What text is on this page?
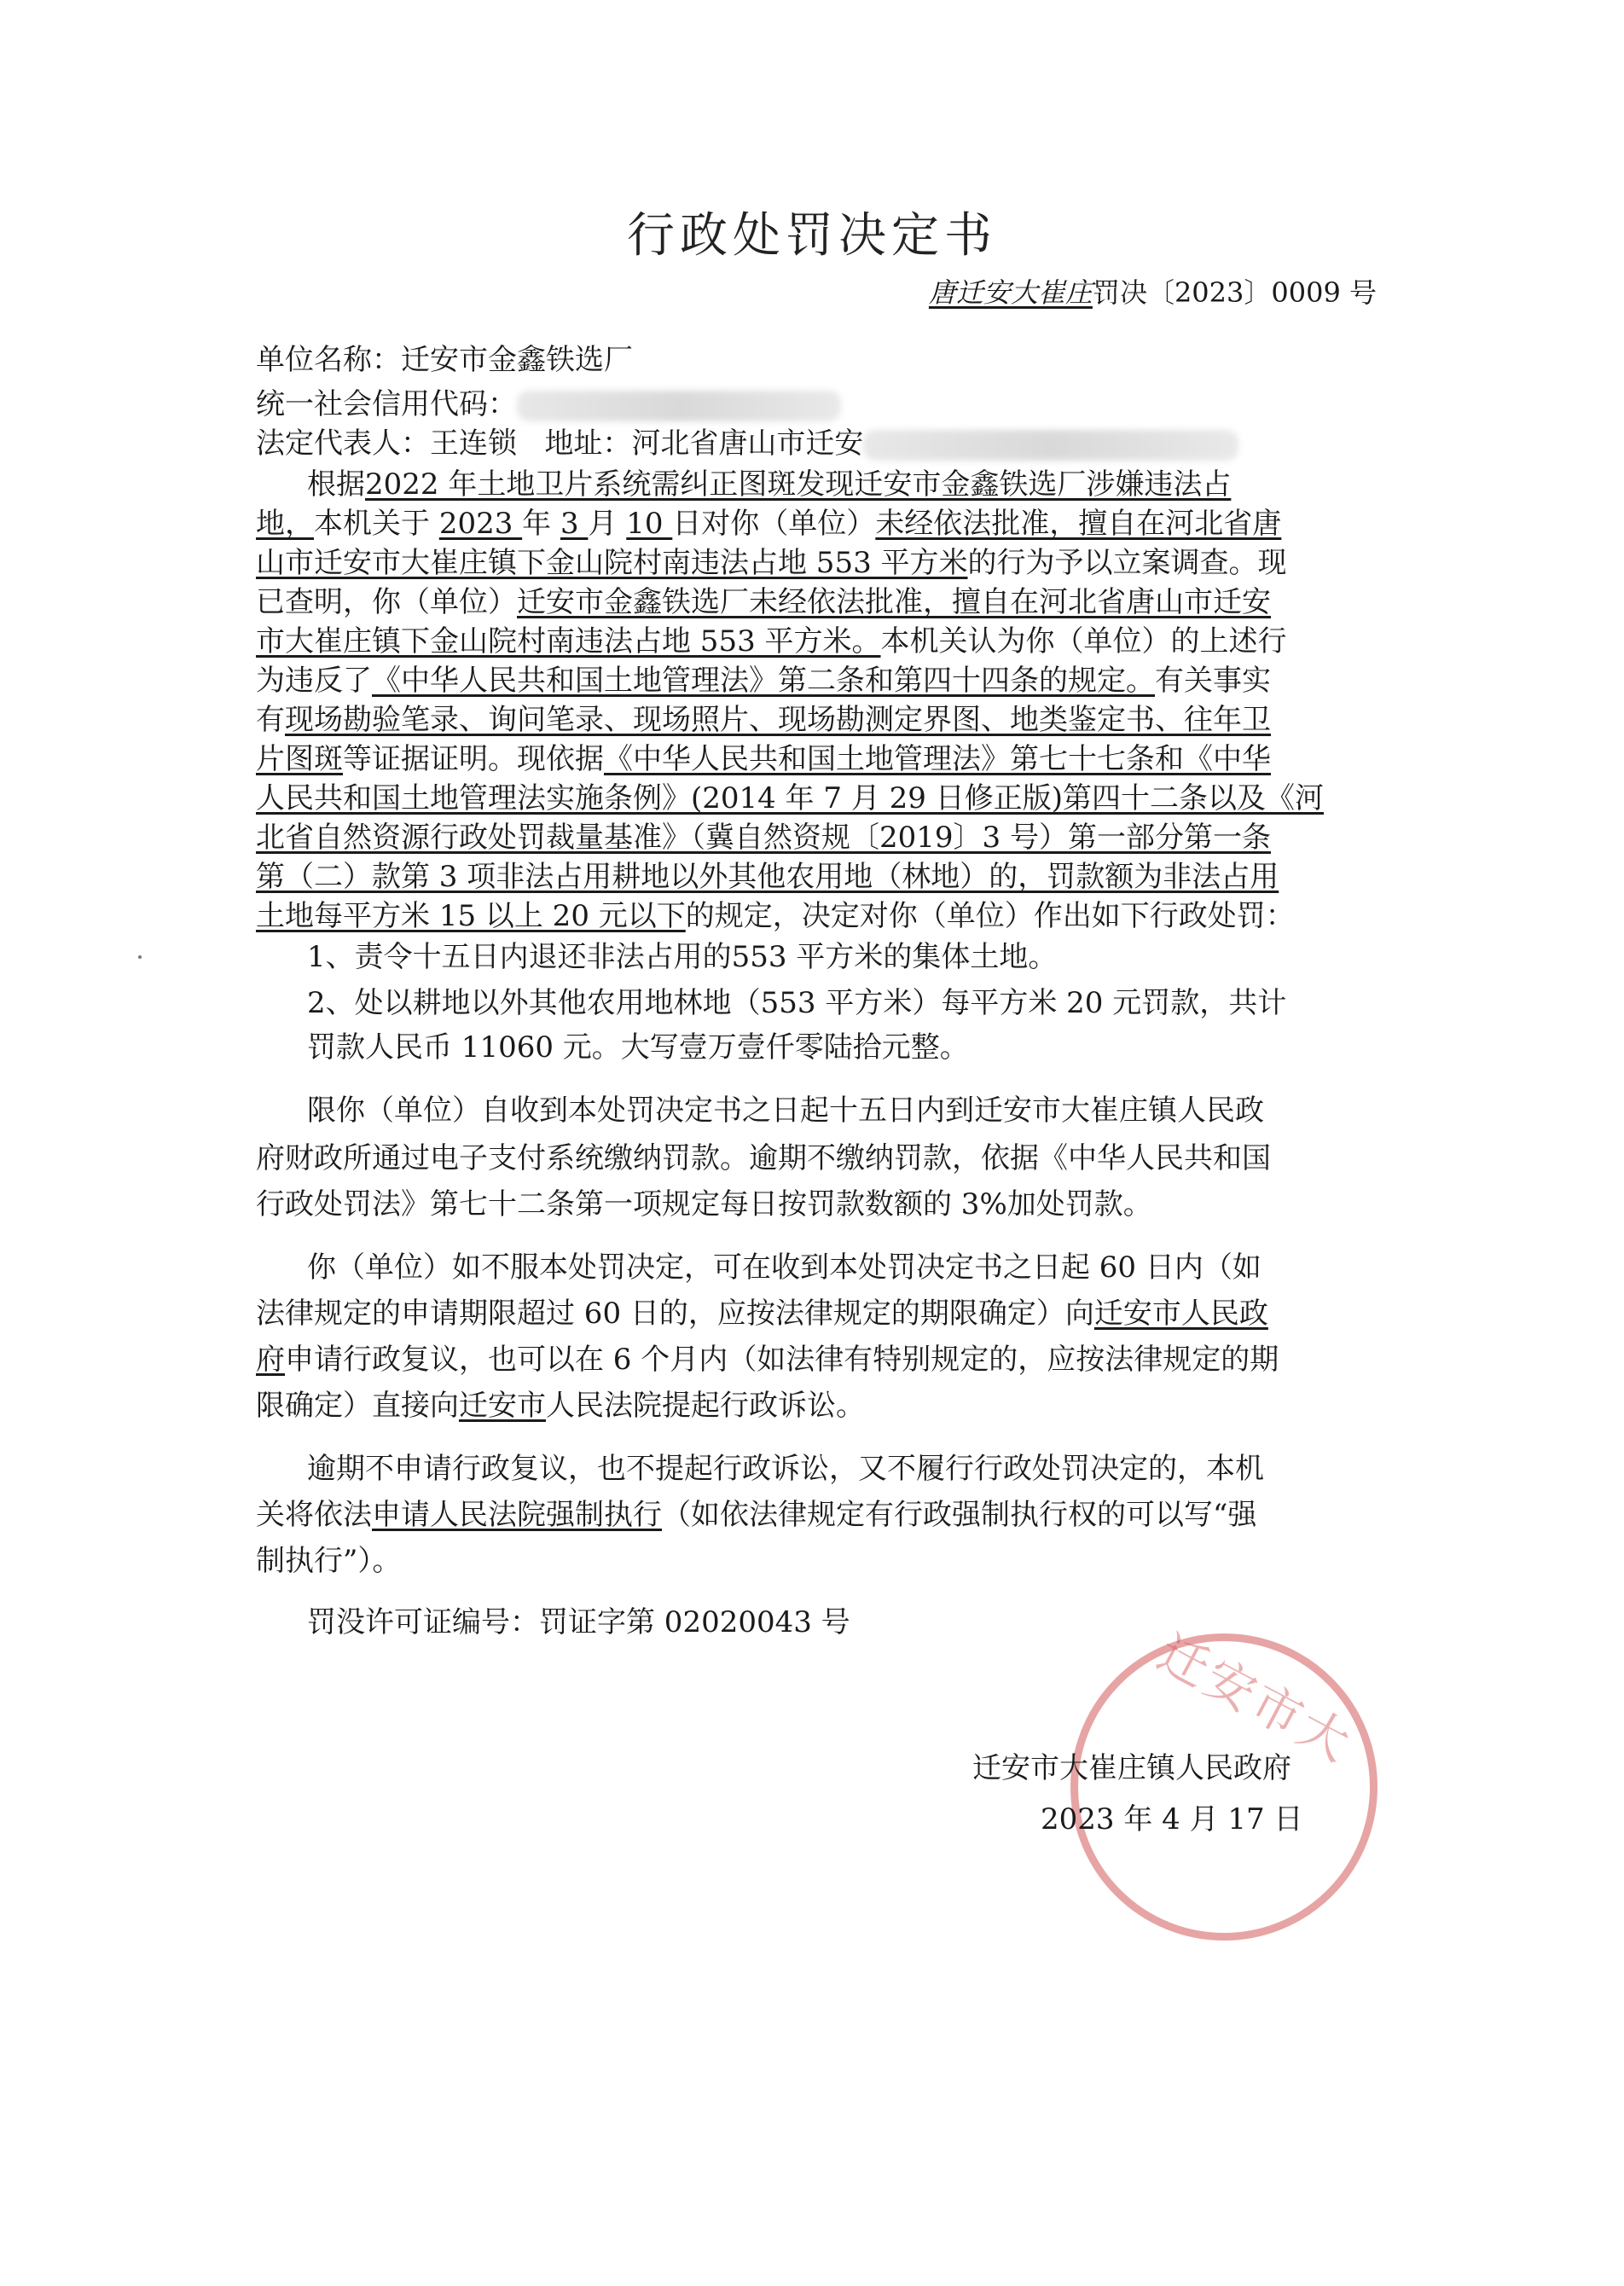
行政处罚决定书
唐迁安大崔庄罚决〔2023〕0009 号
单位名称：迁安市金鑫铁选厂
统一社会信用代码：
法定代表人：王连锁 地址：河北省唐山市迁安
根据2022 年土地卫片系统需纠正图斑发现迁安市金鑫铁选厂涉嫌违法占
地，本机关于 2023 年 3 月 10 日对你（单位）未经依法批准，擅自在河北省唐
山市迁安市大崔庄镇下金山院村南违法占地 553 平方米的行为予以立案调查。现
已查明，你（单位）迁安市金鑫铁选厂未经依法批准，擅自在河北省唐山市迁安
市大崔庄镇下金山院村南违法占地 553 平方米。本机关认为你（单位）的上述行
为违反了《中华人民共和国土地管理法》第二条和第四十四条的规定。有关事实
有现场勘验笔录、询问笔录、现场照片、现场勘测定界图、地类鉴定书、往年卫
片图斑等证据证明。现依据《中华人民共和国土地管理法》第七十七条和《中华
人民共和国土地管理法实施条例》(2014 年 7 月 29 日修正版)第四十二条以及《河
北省自然资源行政处罚裁量基准》（冀自然资规〔2019〕3 号）第一部分第一条
第（二）款第 3 项非法占用耕地以外其他农用地（林地）的，罚款额为非法占用
土地每平方米 15 以上 20 元以下的规定，决定对你（单位）作出如下行政处罚：
1、责令十五日内退还非法占用的553 平方米的集体土地。
2、处以耕地以外其他农用地林地（553 平方米）每平方米 20 元罚款，共计
罚款人民币 11060 元。大写壹万壹仟零陆拾元整。
限你（单位）自收到本处罚决定书之日起十五日内到迁安市大崔庄镇人民政
府财政所通过电子支付系统缴纳罚款。逾期不缴纳罚款，依据《中华人民共和国
行政处罚法》第七十二条第一项规定每日按罚款数额的 3%加处罚款。
你（单位）如不服本处罚决定，可在收到本处罚决定书之日起 60 日内（如
法律规定的申请期限超过 60 日的，应按法律规定的期限确定）向迁安市人民政
府申请行政复议，也可以在 6 个月内（如法律有特别规定的，应按法律规定的期
限确定）直接向迁安市人民法院提起行政诉讼。
逾期不申请行政复议，也不提起行政诉讼，又不履行行政处罚决定的，本机
关将依法申请人民法院强制执行（如依法律规定有行政强制执行权的可以写“强
制执行”）。
罚没许可证编号：罚证字第 02020043 号
迁安市大
迁安市大崔庄镇人民政府
2023 年 4 月 17 日
